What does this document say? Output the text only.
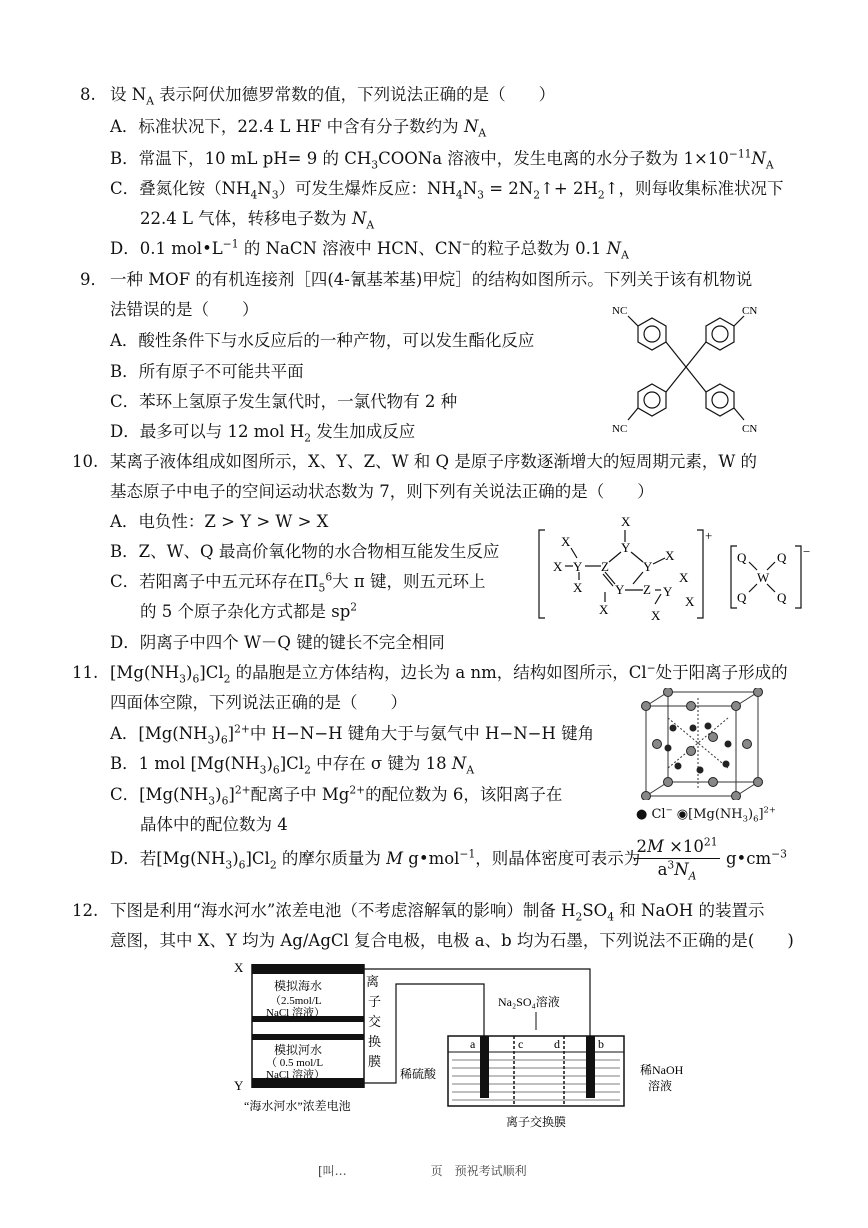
8. 设 $N_A$ 表示阿伏加德罗常数的值，下列说法正确的是（　　）
A．标准状况下，22.4 L HF 中含有分子数约为 $N_A$
B．常温下，10 mL pH= 9 的 $CH_3COONa$ 溶液中，发生电离的水分子数为 $1\times 10^{-11}N_A$
C．叠氮化铵$(NH_4N_3)$可发生爆炸反应：$NH_4N_3$ = $2N_2↑+$ $2H_2↑$，则每收集标准状况下
22.4 L 气体，转移电子数为 $N_A$
D．0.1 $mol•L^{-1}$ 的 NaCN 溶液中 HCN、CN−的粒子总数为 0.1 $N_A$
9． 一种 MOF 的有机连接剂［四(4-氰基苯基)甲烷］的结构如图所示。下列关于该有机物说
法错误的是（　　）
A．酸性条件下与水反应后的一种产物，可以发生酯化反应
B．所有原子不可能共平面
C．苯环上氢原子发生氯代时，一氯代物有 2 种
D．最多可以与 12 mol $H_2$ 发生加成反应
NC	CN
NC	CN
10. 某离子液体组成如图所示，X、Y、Z、W 和 Q 是原子序数逐渐增大的短周期元素，W 的
基态原子中电子的空间运动状态数为 7，则下列有关说法正确的是（　　）
A．电负性：Z > Y > W > X
B．Z、W、Q 最高价氧化物的水合物相互能发生反应
C．若阳离子中五元环存在$\Pi_5^6$大 π 键，则五元环上
的 5 个原子杂化方式都是 $sp^2$
D．阴离子中四个 W－Q 键的键长不完全相同
X
X Y
X
Z
X
Y
Y
X
Y Z Y
X
X
X	X
+
Q Q
W
Q Q
−
11. $[Mg(NH_3)_6]Cl_2$ 的晶胞是立方体结构，边长为 a nm，结构如图所示，Cl−处于阳离子形成的
四面体空隙，下列说法正确的是（　　）
A．$[Mg(NH_3)_6]^{2+}$中 H−N−H 键角大于与氨气中 H−N−H 键角
B．1 mol $[Mg(NH_3)_6]Cl_2$ 中存在 σ 键为 18 $N_A$
C．$[Mg(NH_3)_6]^{2+}$配离子中 $Mg^{2+}$的配位数为 6，该阳离子在
晶体中的配位数为 4
D．若$[Mg(NH_3)_6]Cl_2$ 的摩尔质量为 M g•mol$^{-1}$，则晶体密度可表示为
$\frac{2M \times 10^{21}}{a^3N_A}$ $g•cm^{-3}$
● Cl− $◉[Mg(NH_3)_6]^{2+}$
12. 下图是利用“海水河水”浓差电池（不考虑溶解氧的影响）制备 $H_2SO_4$ 和 NaOH 的装置示
意图，其中 X、Y 均为 Ag/AgCl 复合电极，电极 a、b 均为石墨，下列说法不正确的是(　　)
X
Y
模拟海水
（2.5mol/L
NaCl 溶液）
模拟河水
（ 0.5 mol/L
NaCl 溶液）
离
子
交
换
膜
“海水河水”浓差电池
a	b
c	d
Na₂SO₄溶液
稀硫酸	稀NaOH
溶液
离子交换膜
[叫…　　　　　　　页　预祝考试顺利
